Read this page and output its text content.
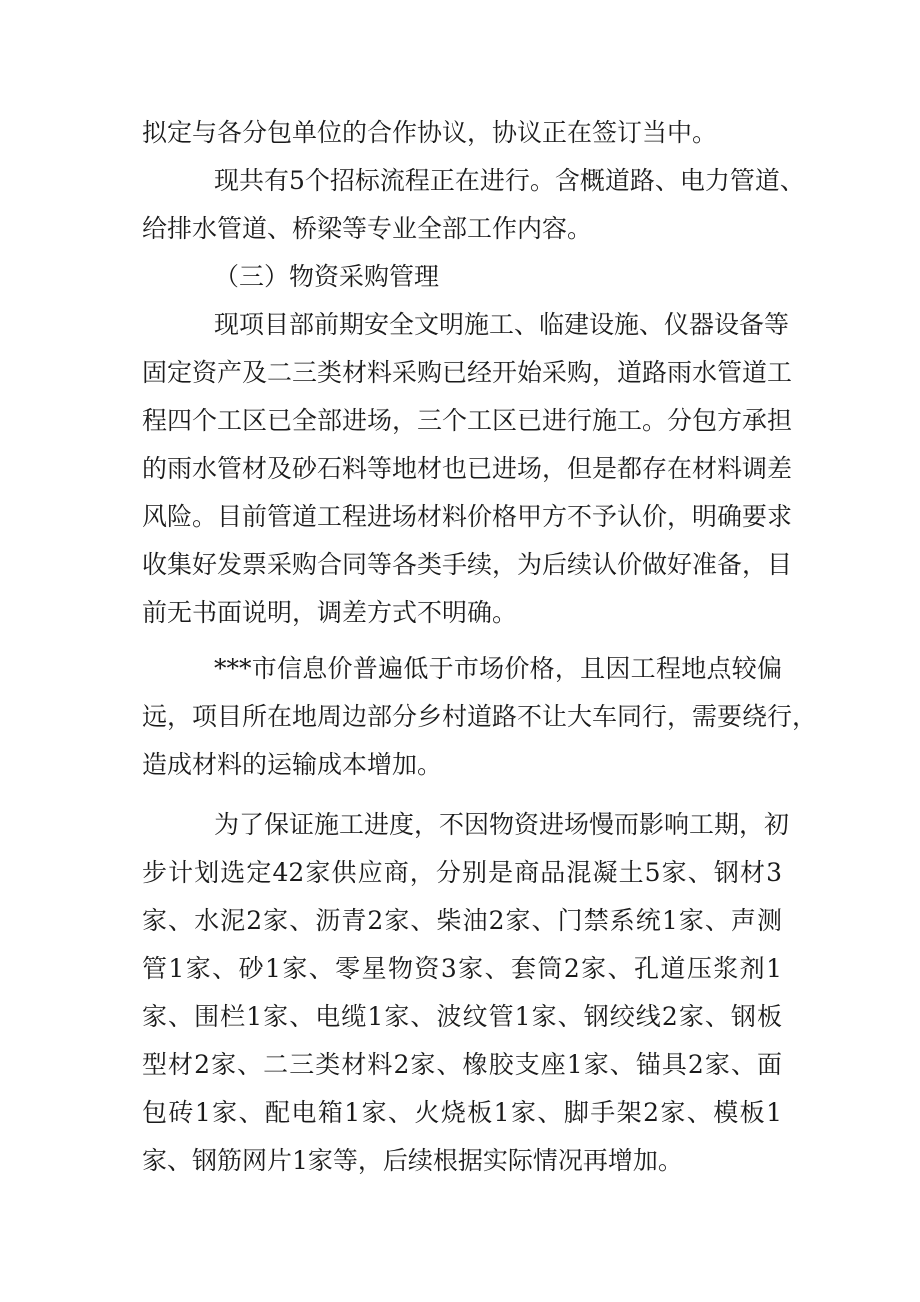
拟定与各分包单位的合作协议，协议正在签订当中。

现共有5个招标流程正在进行。含概道路、电力管道、

给排水管道、桥梁等专业全部工作内容。

（三）物资采购管理

现项目部前期安全文明施工、临建设施、仪器设备等

固定资产及二三类材料采购已经开始采购，道路雨水管道工

程四个工区已全部进场，三个工区已进行施工。分包方承担

的雨水管材及砂石料等地材也已进场，但是都存在材料调差

风险。目前管道工程进场材料价格甲方不予认价，明确要求

收集好发票采购合同等各类手续，为后续认价做好准备，目

前无书面说明，调差方式不明确。

***市信息价普遍低于市场价格，且因工程地点较偏

远，项目所在地周边部分乡村道路不让大车同行，需要绕行，

造成材料的运输成本增加。

为了保证施工进度，不因物资进场慢而影响工期，初

步计划选定42家供应商，分别是商品混凝土5家、钢材3

家、水泥2家、沥青2家、柴油2家、门禁系统1家、声测

管1家、砂1家、零星物资3家、套筒2家、孔道压浆剂1

家、围栏1家、电缆1家、波纹管1家、钢绞线2家、钢板

型材2家、二三类材料2家、橡胶支座1家、锚具2家、面

包砖1家、配电箱1家、火烧板1家、脚手架2家、模板1

家、钢筋网片1家等，后续根据实际情况再增加。
